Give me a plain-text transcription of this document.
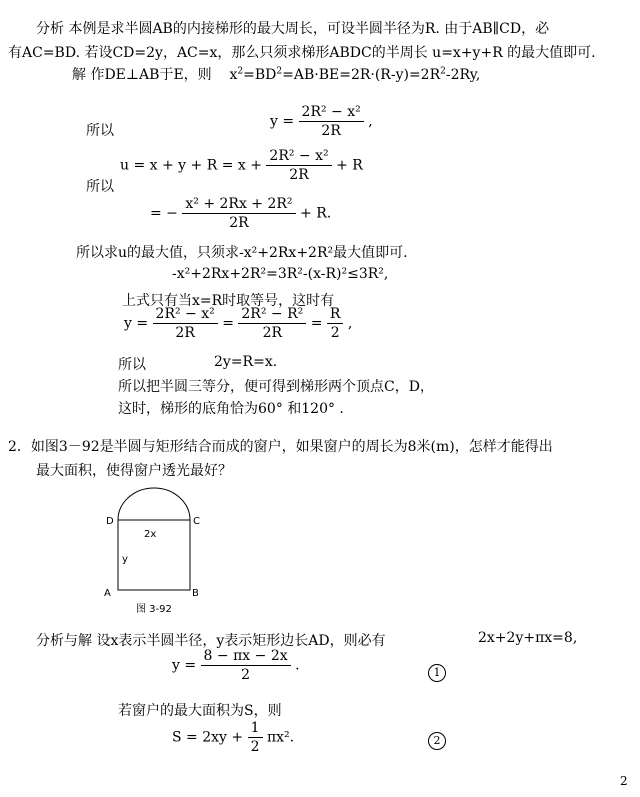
分析 本例是求半圆AB的内接梯形的最大周长，可设半圆半径为R. 由于AB∥CD，必
有AC=BD. 若设CD=2y，AC=x，那么只须求梯形ABDC的半周长 u=x+y+R 的最大值即可.
解 作DE⊥AB于E，则 $x^2=BD^2=AB\cdot BE=2R\cdot(R-y)=2R^2-2Ry$,
所以
$y = \frac{\text{2R² − x²}}{2R}$ ,
所以
$u = x + y + R = x + \frac{\text{2R² − x²}}{2R} + R$
= − $\frac{\text{x² + 2Rx + 2R²}}{2R} + R$.
所以求u的最大值，只须求-x²+2Rx+2R²最大值即可.
-x²+2Rx+2R²=3R²-(x-R)²≤3R²,
上式只有当x=R时取等号，这时有
$y = \frac{\text{2R² − x²}}{2R} = \frac{\text{2R² − R²}}{2R} = \frac{R}{2}$ ,
所以	2y=R=x.
所以把半圆三等分，便可得到梯形两个顶点C，D，
这时，梯形的底角恰为60° 和120° .
2．如图3－92是半圆与矩形结合而成的窗户，如果窗户的周长为8米(m)，怎样才能得出
最大面积，使得窗户透光最好？
D	C
A	B
2x
y
图 3-92
分析与解 设x表示半圆半径，y表示矩形边长AD，则必有	2x+2y+πx=8,
$y = \frac{8 - \pi x - 2x}{2}$ .	1
若窗户的最大面积为S，则
$S = 2xy + \frac{1}{2} \pi x^2$.	2
2
